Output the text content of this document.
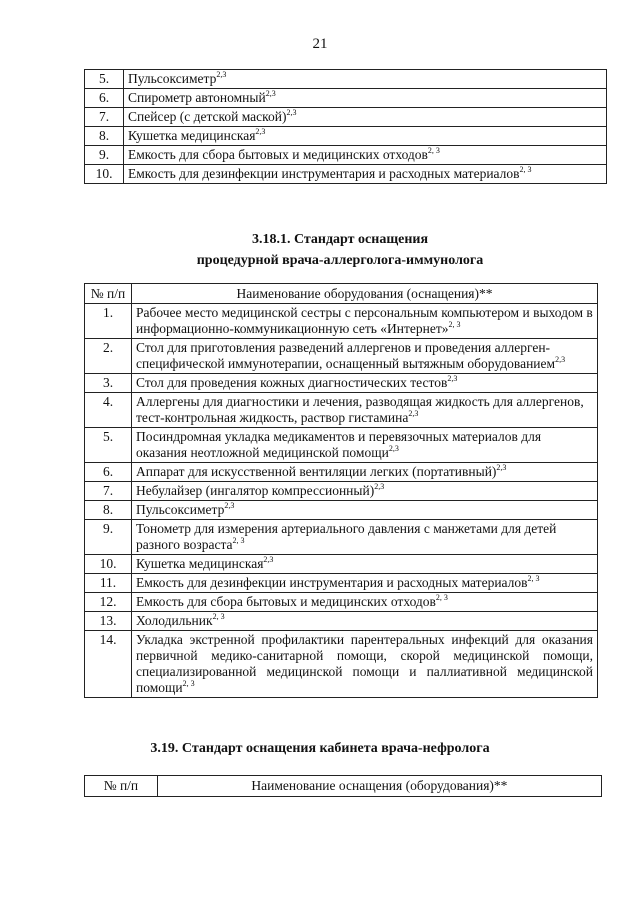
21
5.	Пульсоксиметр$^{2,3}$
6.	Спирометр автономный$^{2,3}$
7.	Спейсер (с детской маской)$^{2,3}$
8.	Кушетка медицинская$^{2,3}$
9.	Емкость для сбора бытовых и медицинских отходов$^{2, 3}$
10.	Емкость для дезинфекции инструментария и расходных материалов$^{2, 3}$
3.18.1. Стандарт оснащения
процедурной врача-аллерголога-иммунолога
№ п/п	Наименование оборудования (оснащения)**
1.	Рабочее место медицинской сестры с персональным компьютером и выходом в информационно-коммуникационную сеть «Интернет»$^{2, 3}$
2.	Стол для приготовления разведений аллергенов и проведения аллерген-специфической иммунотерапии, оснащенный вытяжным оборудованием$^{2,3}$
3.	Стол для проведения кожных диагностических тестов$^{2,3}$
4.	Аллергены для диагностики и лечения, разводящая жидкость для аллергенов, тест-контрольная жидкость, раствор гистамина$^{2,3}$
5.	Посиндромная укладка медикаментов и перевязочных материалов для оказания неотложной медицинской помощи$^{2,3}$
6.	Аппарат для искусственной вентиляции легких (портативный)$^{2,3}$
7.	Небулайзер (ингалятор компрессионный)$^{2,3}$
8.	Пульсоксиметр$^{2,3}$
9.	Тонометр для измерения артериального давления с манжетами для детей разного возраста$^{2, 3}$
10.	Кушетка медицинская$^{2,3}$
11.	Емкость для дезинфекции инструментария и расходных материалов$^{2, 3}$
12.	Емкость для сбора бытовых и медицинских отходов$^{2, 3}$
13.	Холодильник$^{2, 3}$
14.	Укладка экстренной профилактики парентеральных инфекций для оказания первичной медико-санитарной помощи, скорой медицинской помощи, специализированной медицинской помощи и паллиативной медицинской помощи$^{2, 3}$
3.19. Стандарт оснащения кабинета врача-нефролога
№ п/п	Наименование оснащения (оборудования)**
